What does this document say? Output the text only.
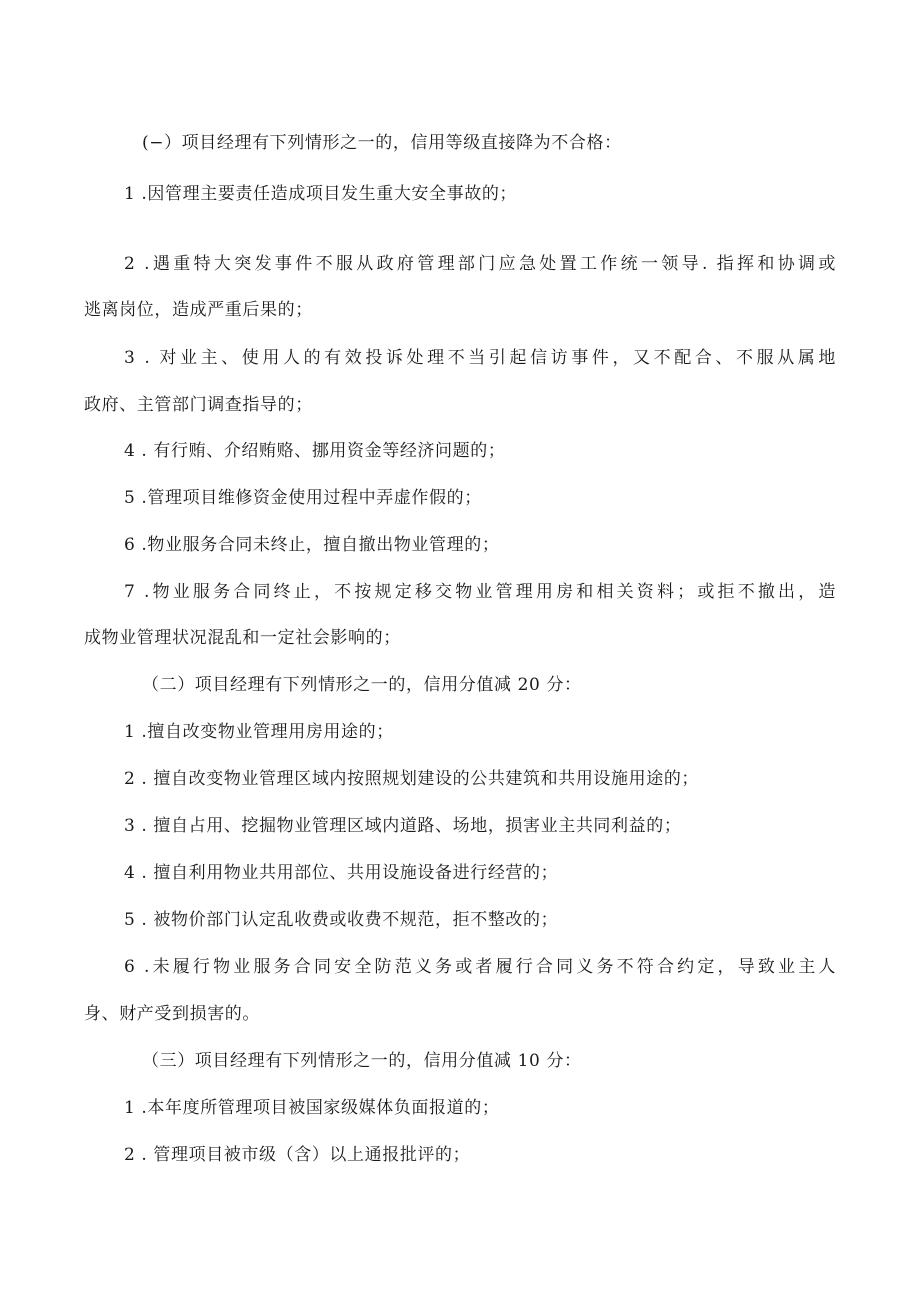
(−）项目经理有下列情形之一的，信用等级直接降为不合格：
1 .因管理主要责任造成项目发生重大安全事故的；
2 .遇重特大突发事件不服从政府管理部门应急处置工作统一领导. 指挥和协调或
逃离岗位，造成严重后果的；
3 . 对业主、使用人的有效投诉处理不当引起信访事件，又不配合、不服从属地
政府、主管部门调查指导的；
4 . 有行贿、介绍贿赂、挪用资金等经济问题的；
5 .管理项目维修资金使用过程中弄虚作假的；
6 .物业服务合同未终止，擅自撤出物业管理的；
7 .物业服务合同终止，不按规定移交物业管理用房和相关资料；或拒不撤出，造
成物业管理状况混乱和一定社会影响的；
（二）项目经理有下列情形之一的，信用分值减 20 分：
1 .擅自改变物业管理用房用途的；
2 . 擅自改变物业管理区域内按照规划建设的公共建筑和共用设施用途的；
3 . 擅自占用、挖掘物业管理区域内道路、场地，损害业主共同利益的；
4 . 擅自利用物业共用部位、共用设施设备进行经营的；
5 . 被物价部门认定乱收费或收费不规范，拒不整改的；
6 .未履行物业服务合同安全防范义务或者履行合同义务不符合约定，导致业主人
身、财产受到损害的。
（三）项目经理有下列情形之一的，信用分值减 10 分：
1 .本年度所管理项目被国家级媒体负面报道的；
2 . 管理项目被市级（含）以上通报批评的；
